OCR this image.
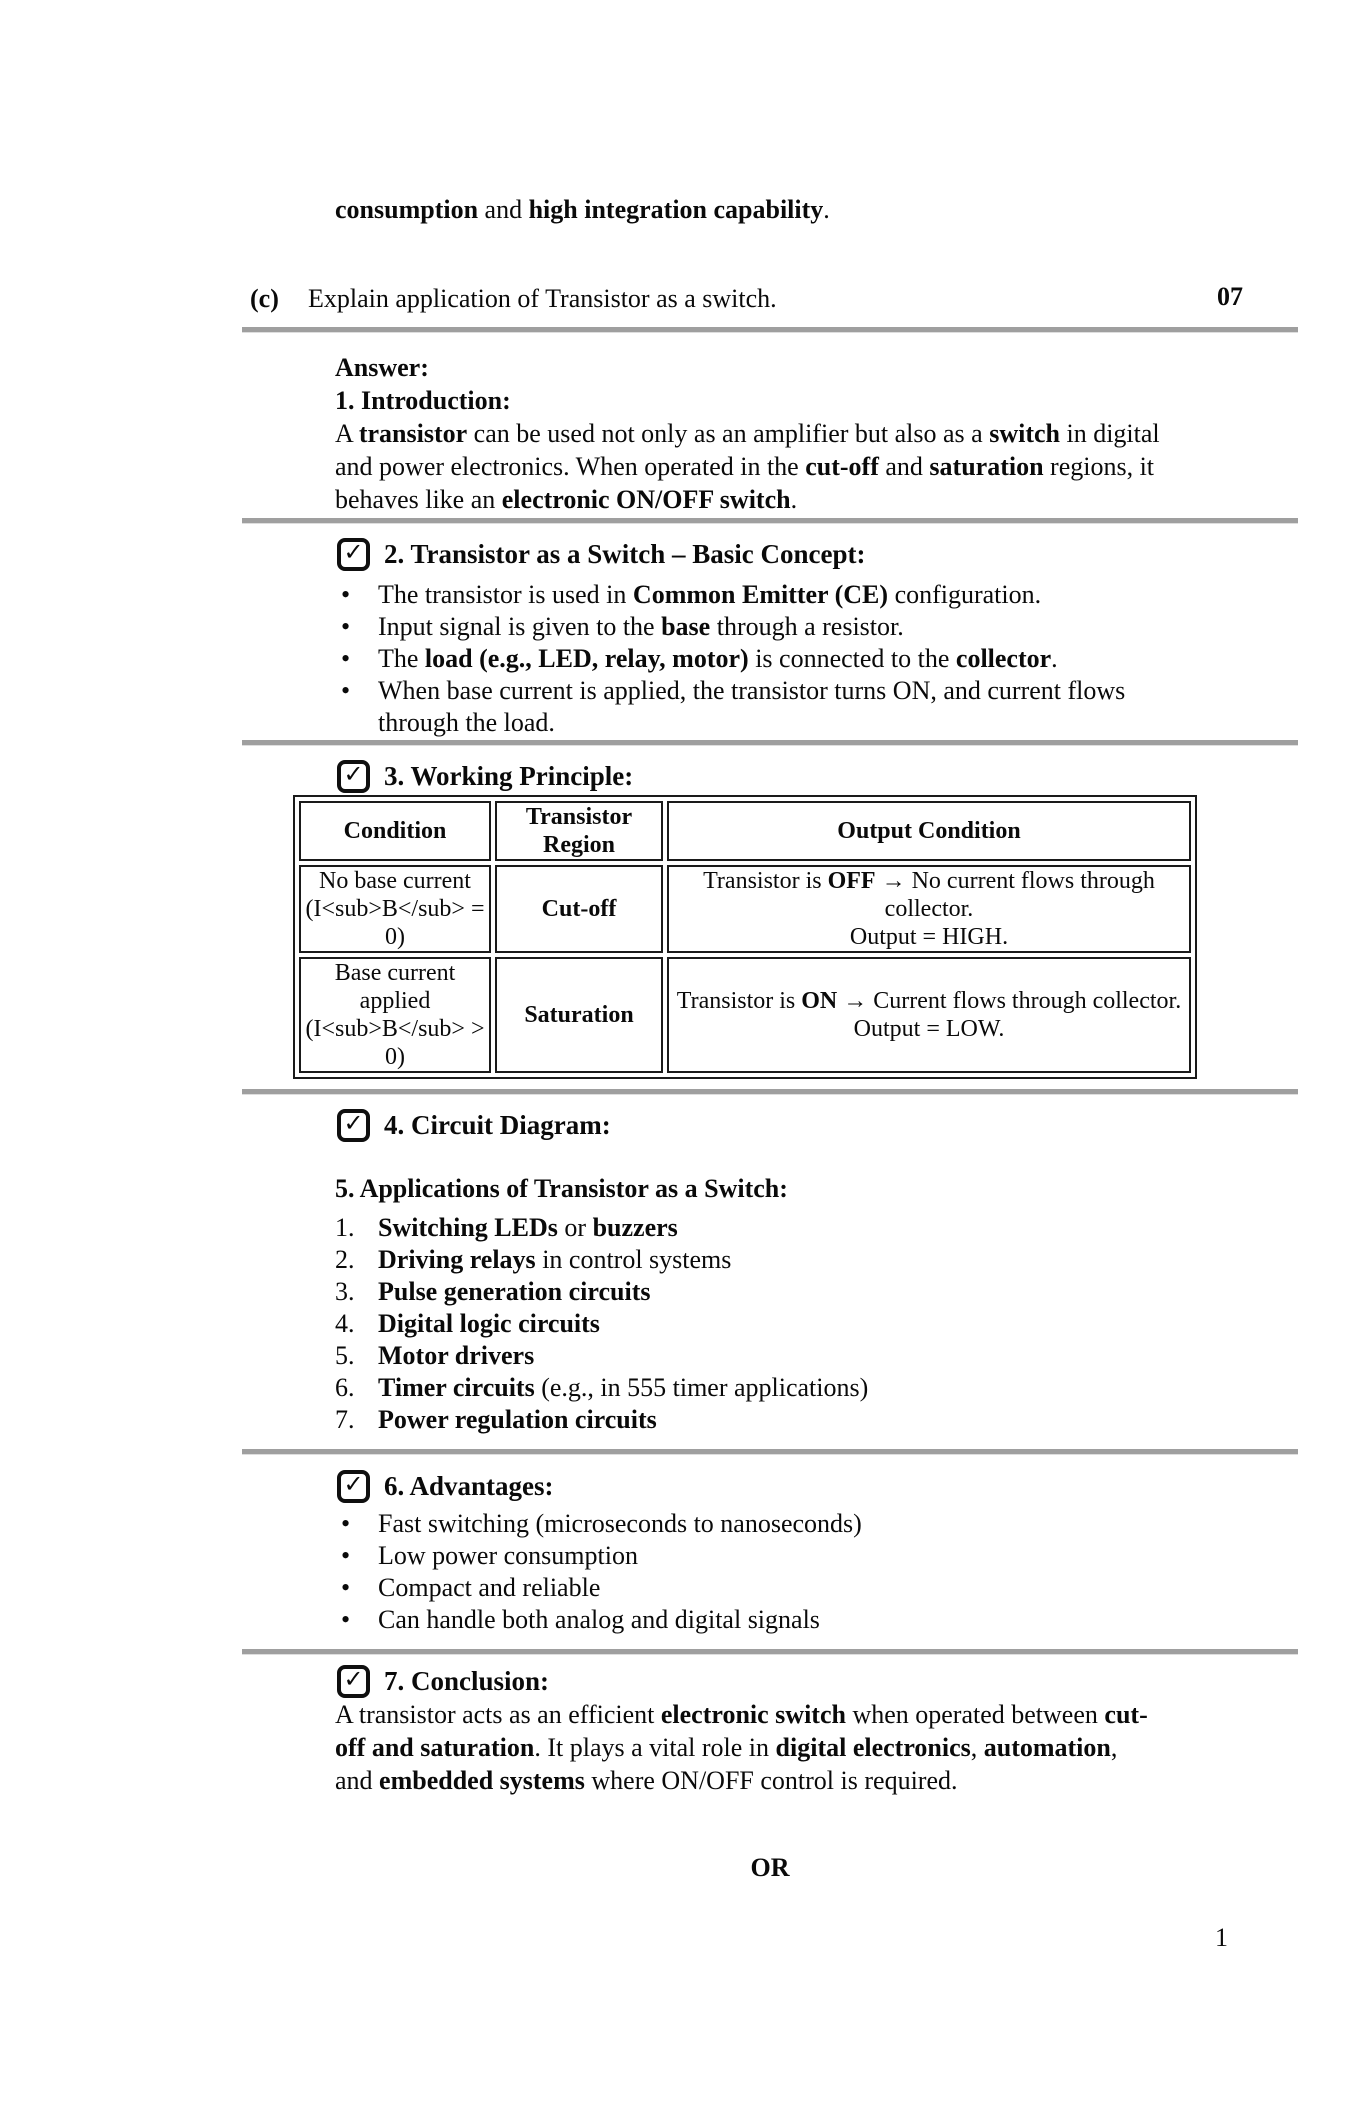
consumption and high integration capability.
(c) Explain application of Transistor as a switch.	07
Answer:
1. Introduction:
A transistor can be used not only as an amplifier but also as a switch in digital
and power electronics. When operated in the cut-off and saturation regions, it
behaves like an electronic ON/OFF switch.
✓ 2. Transistor as a Switch – Basic Concept:
•	The transistor is used in Common Emitter (CE) configuration.
•	Input signal is given to the base through a resistor.
•	The load (e.g., LED, relay, motor) is connected to the collector.
•	When base current is applied, the transistor turns ON, and current flows
through the load.
✓ 3. Working Principle:
Condition	Transistor Region	Output Condition

No base current
(I<sub>B</sub> = 0)
	Cut-off	
Transistor is OFF → No current flows through collector.
Output = HIGH.

Base current applied
(I<sub>B</sub> > 0)
	Saturation	
Transistor is ON → Current flows through collector.
Output = LOW.
✓ 4. Circuit Diagram:
5. Applications of Transistor as a Switch:
1. Switching LEDs or buzzers
2. Driving relays in control systems
3. Pulse generation circuits
4. Digital logic circuits
5. Motor drivers
6. Timer circuits (e.g., in 555 timer applications)
7. Power regulation circuits
✓ 6. Advantages:
•	Fast switching (microseconds to nanoseconds)
•	Low power consumption
•	Compact and reliable
•	Can handle both analog and digital signals
✓ 7. Conclusion:
A transistor acts as an efficient electronic switch when operated between cut-
off and saturation. It plays a vital role in digital electronics, automation,
and embedded systems where ON/OFF control is required.
OR
1
